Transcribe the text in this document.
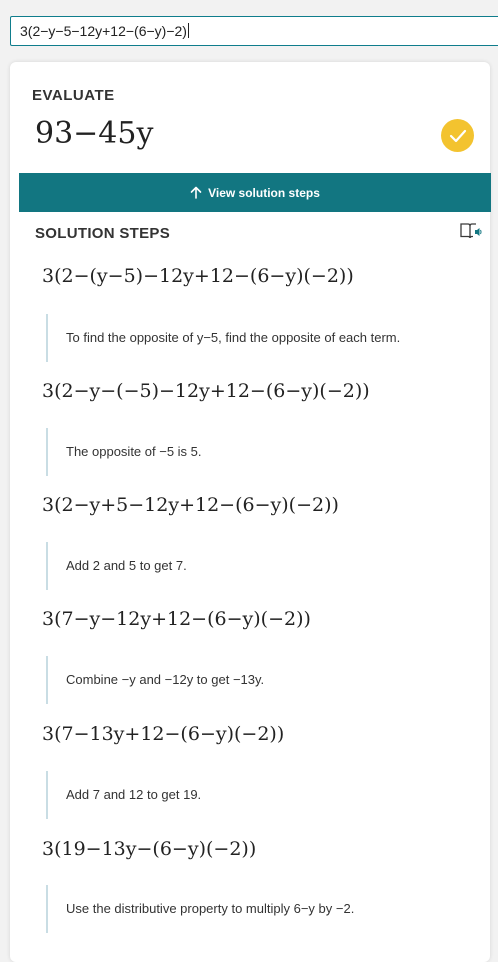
3(2−y−5−12y+12−(6−y)−2)
EVALUATE
93−45y
View solution steps
SOLUTION STEPS
3(2−(y−5)−12y+12−(6−y)(−2))
To find the opposite of y−5, find the opposite of each term.
3(2−y−(−5)−12y+12−(6−y)(−2))
The opposite of −5 is 5.
3(2−y+5−12y+12−(6−y)(−2))
Add 2 and 5 to get 7.
3(7−y−12y+12−(6−y)(−2))
Combine −y and −12y to get −13y.
3(7−13y+12−(6−y)(−2))
Add 7 and 12 to get 19.
3(19−13y−(6−y)(−2))
Use the distributive property to multiply 6−y by −2.
